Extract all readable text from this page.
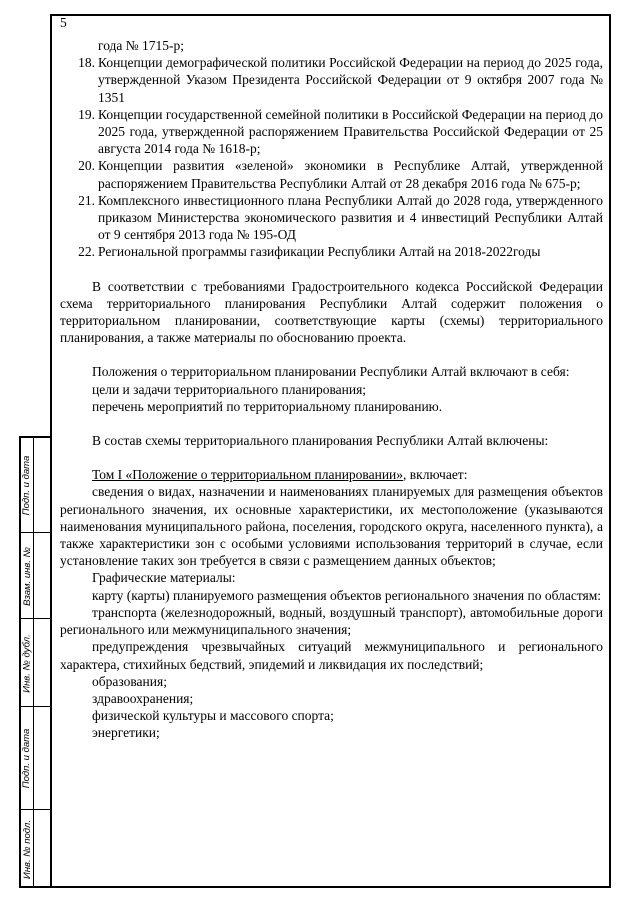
5

года № 1715-р;

18. Концепции демографической политики Российской Федерации на период до 2025 года, утвержденной Указом Президента Российской Федерации от 9 октября 2007 года № 1351
19. Концепции государственной семейной политики в Российской Федерации на период до 2025 года, утвержденной распоряжением Правительства Российской Федерации от 25 августа 2014 года № 1618-р;
20. Концепции развития «зеленой» экономики в Республике Алтай, утвержденной распоряжением Правительства Республики Алтай от 28 декабря 2016 года № 675-р;
21. Комплексного инвестиционного плана Республики Алтай до 2028 года, утвержденного приказом Министерства экономического развития и 4 инвестиций Республики Алтай от 9 сентября 2013 года № 195-ОД
22. Региональной программы газификации Республики Алтай на 2018-2022годы

В соответствии с требованиями Градостроительного кодекса Российской Федерации схема территориального планирования Республики Алтай содержит положения о территориальном планировании, соответствующие карты (схемы) территориального планирования, а также материалы по обоснованию проекта.

Положения о территориальном планировании Республики Алтай включают в себя:

цели и задачи территориального планирования;

перечень мероприятий по территориальному планированию.

В состав схемы территориального планирования Республики Алтай включены:

Том I «Положение о территориальном планировании», включает:

сведения о видах, назначении и наименованиях планируемых для размещения объектов регионального значения, их основные характеристики, их местоположение (указываются наименования муниципального района, поселения, городского округа, населенного пункта), а также характеристики зон с особыми условиями использования территорий в случае, если установление таких зон требуется в связи с размещением данных объектов;

Графические материалы:

карту (карты) планируемого размещения объектов регионального значения по областям:

транспорта (железнодорожный, водный, воздушный транспорт), автомобильные дороги регионального или межмуниципального значения;

предупреждения чрезвычайных ситуаций межмуниципального и регионального характера, стихийных бедствий, эпидемий и ликвидация их последствий;

образования;

здравоохранения;

физической культуры и массового спорта;

энергетики;

Подп. и дата
Взам. инв. №
Инв. № дубл.
Подп. и дата
Инв. № подл.
